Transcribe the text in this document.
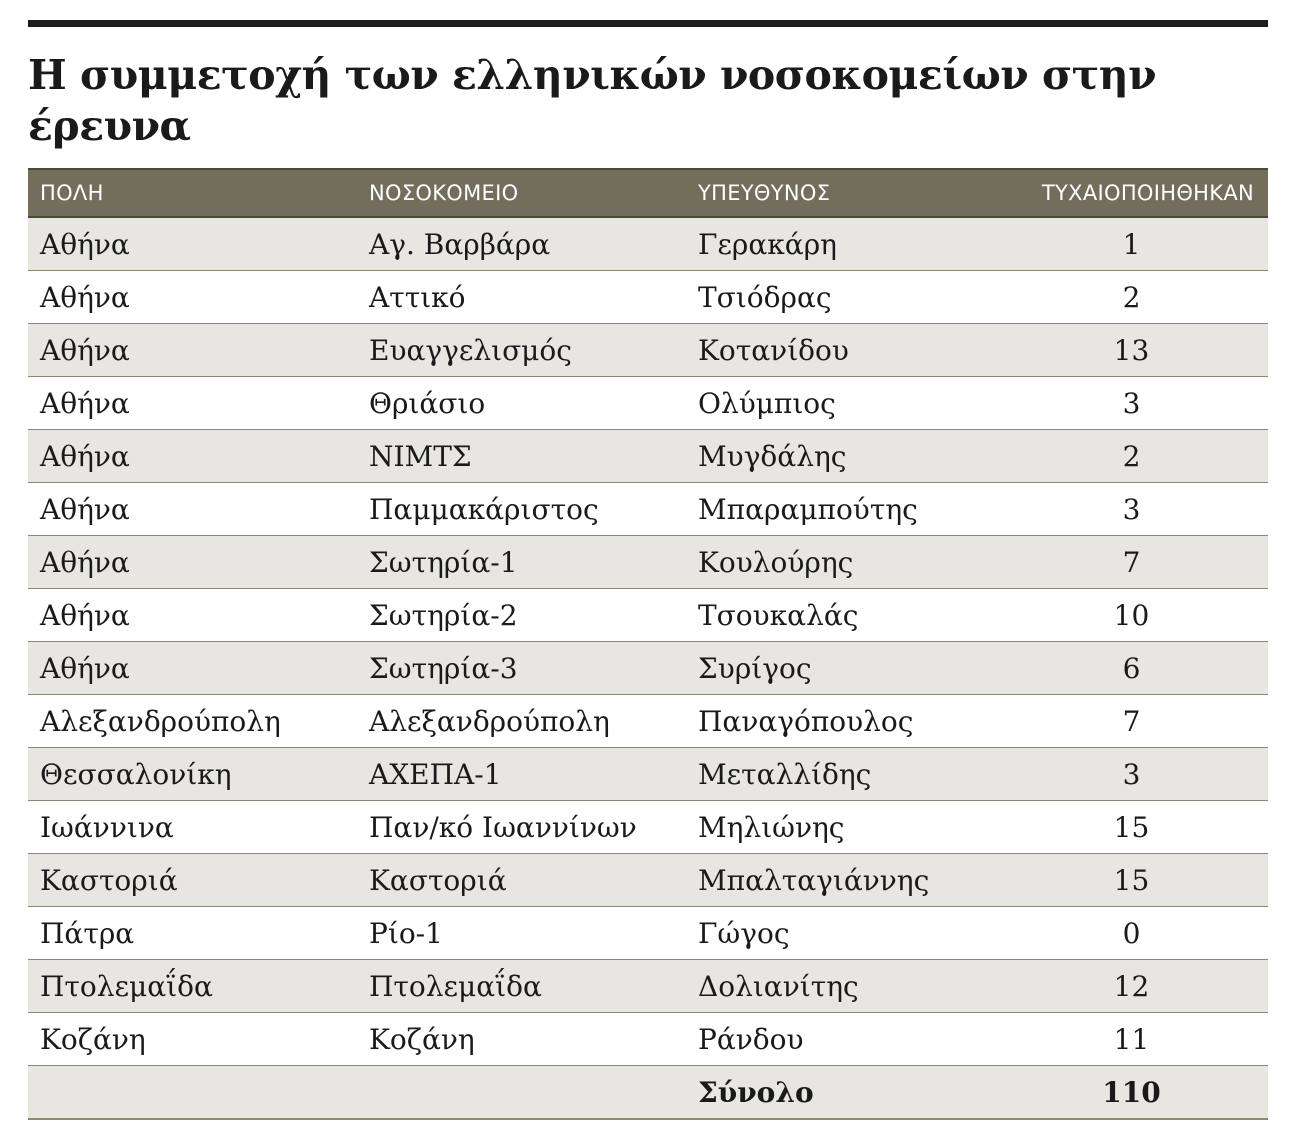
Η συμμετοχή των ελληνικών νοσοκομείων στην έρευνα
ΠΟΛΗ	ΝΟΣΟΚΟΜΕΙΟ	ΥΠΕΥΘΥΝΟΣ	ΤΥΧΑΙΟΠΟΙΗΘΗΚΑΝ
Αθήνα	Αγ. Βαρβάρα	Γερακάρη	1
Αθήνα	Αττικό	Τσιόδρας	2
Αθήνα	Ευαγγελισμός	Κοτανίδου	13
Αθήνα	Θριάσιο	Ολύμπιος	3
Αθήνα	ΝΙΜΤΣ	Μυγδάλης	2
Αθήνα	Παμμακάριστος	Μπαραμπούτης	3
Αθήνα	Σωτηρία-1	Κουλούρης	7
Αθήνα	Σωτηρία-2	Τσουκαλάς	10
Αθήνα	Σωτηρία-3	Συρίγος	6
Αλεξανδρούπολη	Αλεξανδρούπολη	Παναγόπουλος	7
Θεσσαλονίκη	ΑΧΕΠΑ-1	Μεταλλίδης	3
Ιωάννινα	Παν/κό Ιωαννίνων	Μηλιώνης	15
Καστοριά	Καστοριά	Μπαλταγιάννης	15
Πάτρα	Ρίο-1	Γώγος	0
Πτολεμαΐδα	Πτολεμαΐδα	Δολιανίτης	12
Κοζάνη	Κοζάνη	Ράνδου	11
		Σύνολο	110
